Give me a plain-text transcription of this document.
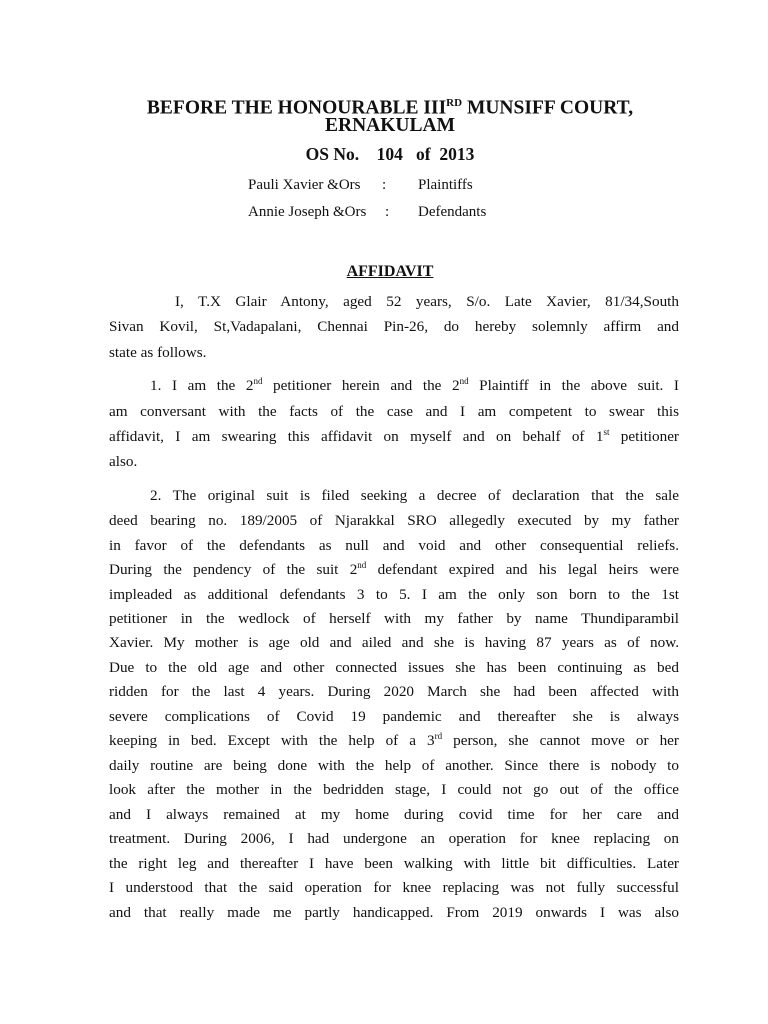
BEFORE THE HONOURABLE IIIRD MUNSIFF COURT,
ERNAKULAM
OS No.    104   of  2013
Pauli Xavier &Ors : Plaintiffs
Annie Joseph &Ors : Defendants
AFFIDAVIT
I, T.X Glair Antony, aged 52 years, S/o. Late Xavier, 81/34,South
Sivan Kovil, St,Vadapalani, Chennai Pin-26, do hereby solemnly affirm and
state as follows.
1. I am the 2nd petitioner herein and the 2nd Plaintiff in the above suit. I
am conversant with the facts of the case and I am competent to swear this
affidavit, I am swearing this affidavit on myself and on behalf of 1st petitioner
also.
2. The original suit is filed seeking a decree of declaration that the sale
deed bearing no. 189/2005 of Njarakkal SRO allegedly executed by my father
in favor of the defendants as null and void and other consequential reliefs.
During the pendency of the suit 2nd defendant expired and his legal heirs were
impleaded as additional defendants 3 to 5. I am the only son born to the 1st
petitioner in the wedlock of herself with my father by name Thundiparambil
Xavier. My mother is age old and ailed and she is having 87 years as of now.
Due to the old age and other connected issues she has been continuing as bed
ridden for the last 4 years. During 2020 March she had been affected with
severe complications of Covid 19 pandemic and thereafter she is always
keeping in bed. Except with the help of a 3rd person, she cannot move or her
daily routine are being done with the help of another. Since there is nobody to
look after the mother in the bedridden stage, I could not go out of the office
and I always remained at my home during covid time for her care and
treatment. During 2006, I had undergone an operation for knee replacing on
the right leg and thereafter I have been walking with little bit difficulties. Later
I understood that the said operation for knee replacing was not fully successful
and that really made me partly handicapped. From 2019 onwards I was also
